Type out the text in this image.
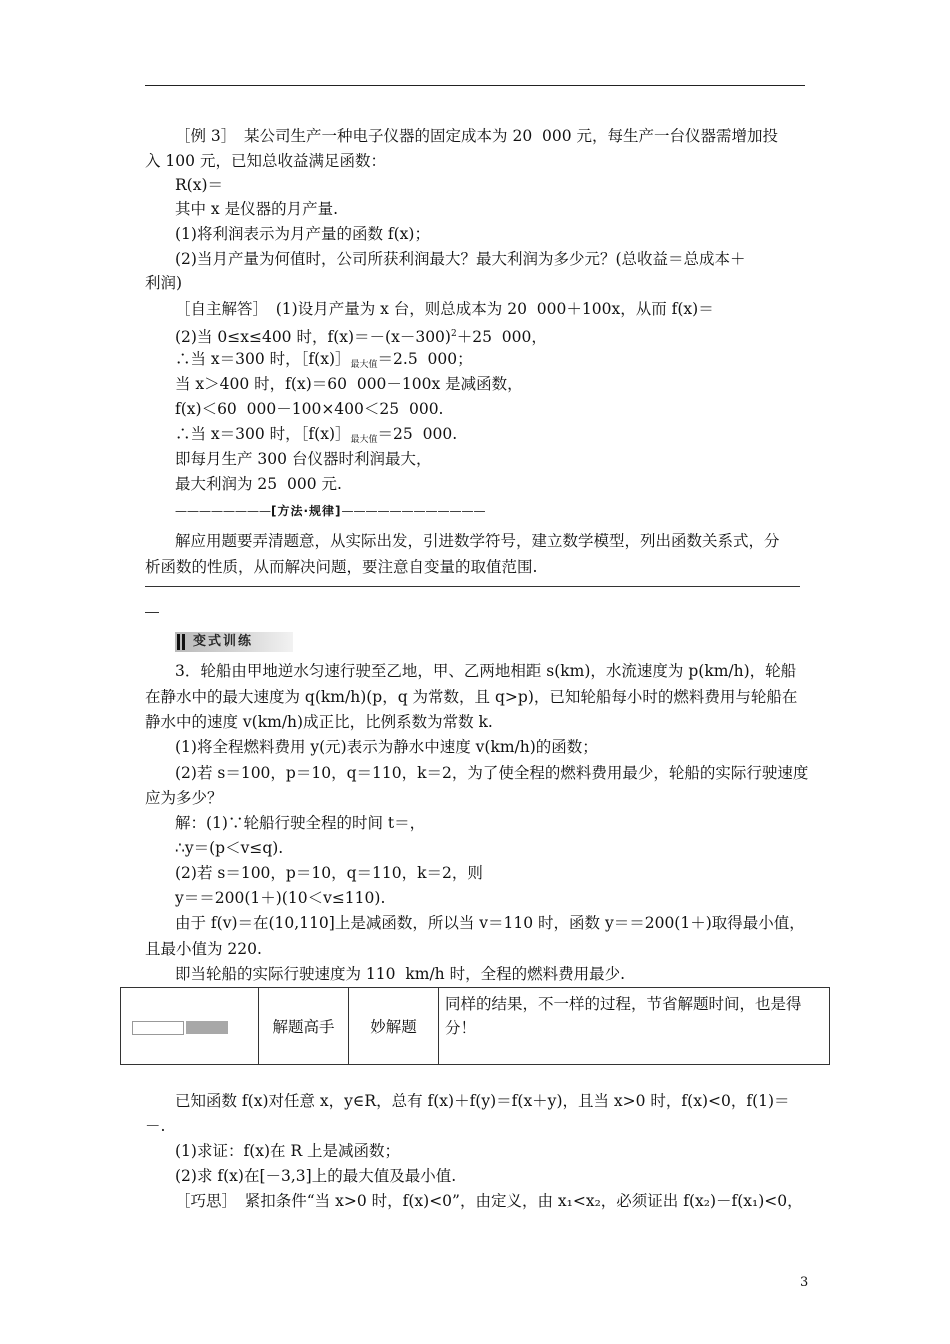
［例 3］　某公司生产一种电子仪器的固定成本为 20  000 元，每生产一台仪器需增加投
入 100 元，已知总收益满足函数：
R(x)＝
其中 x 是仪器的月产量.
(1)将利润表示为月产量的函数 f(x)；
(2)当月产量为何值时，公司所获利润最大？最大利润为多少元？(总收益＝总成本＋
利润)
［自主解答］　(1)设月产量为 x 台，则总成本为 20  000＋100x，从而 f(x)＝
(2)当 0≤x≤400 时，$f(x)=-(x-300)^2+25$  000，
∴当 x＝300 时，$[f(x)]_{最大值}=2.5$  000；
当 x＞400 时，f(x)＝60  000－100x 是减函数，
f(x)＜60  000－100×400＜25  000.
∴当 x＝300 时，$[f(x)]_{最大值}=25$  000.
即每月生产 300 台仪器时利润最大，
最大利润为 25  000 元.
————————[方法·规律]————————————
解应用题要弄清题意，从实际出发，引进数学符号，建立数学模型，列出函数关系式，分
析函数的性质，从而解决问题，要注意自变量的取值范围.
变式训练
3．轮船由甲地逆水匀速行驶至乙地，甲、乙两地相距 s(km)，水流速度为 p(km/h)，轮船
在静水中的最大速度为 q(km/h)(p，q 为常数，且 q>p)，已知轮船每小时的燃料费用与轮船在
静水中的速度 v(km/h)成正比，比例系数为常数 k.
(1)将全程燃料费用 y(元)表示为静水中速度 v(km/h)的函数；
(2)若 s＝100，p＝10，q＝110，k＝2，为了使全程的燃料费用最少，轮船的实际行驶速度
应为多少？
解：(1)∵轮船行驶全程的时间 t＝，
∴y＝(p＜v≤q).
(2)若 s＝100，p＝10，q＝110，k＝2，则
y＝＝200(1＋)(10＜v≤110).
由于 f(v)＝在(10,110]上是减函数，所以当 v＝110 时，函数 y＝＝200(1＋)取得最小值，
且最小值为 220.
即当轮船的实际行驶速度为 110  km/h 时，全程的燃料费用最少.
	解题高手	妙解题	同样的结果，不一样的过程，节省解题时间，也是得分！
已知函数 f(x)对任意 x，y∈R，总有 f(x)＋f(y)＝f(x＋y)，且当 x>0 时，f(x)<0，f(1)＝
－.
(1)求证：f(x)在 R 上是减函数；
(2)求 f(x)在[－3,3]上的最大值及最小值.
［巧思］　紧扣条件“当 x>0 时，f(x)<0”，由定义，由 x₁<x₂，必须证出 f(x₂)－f(x₁)<0，
3
